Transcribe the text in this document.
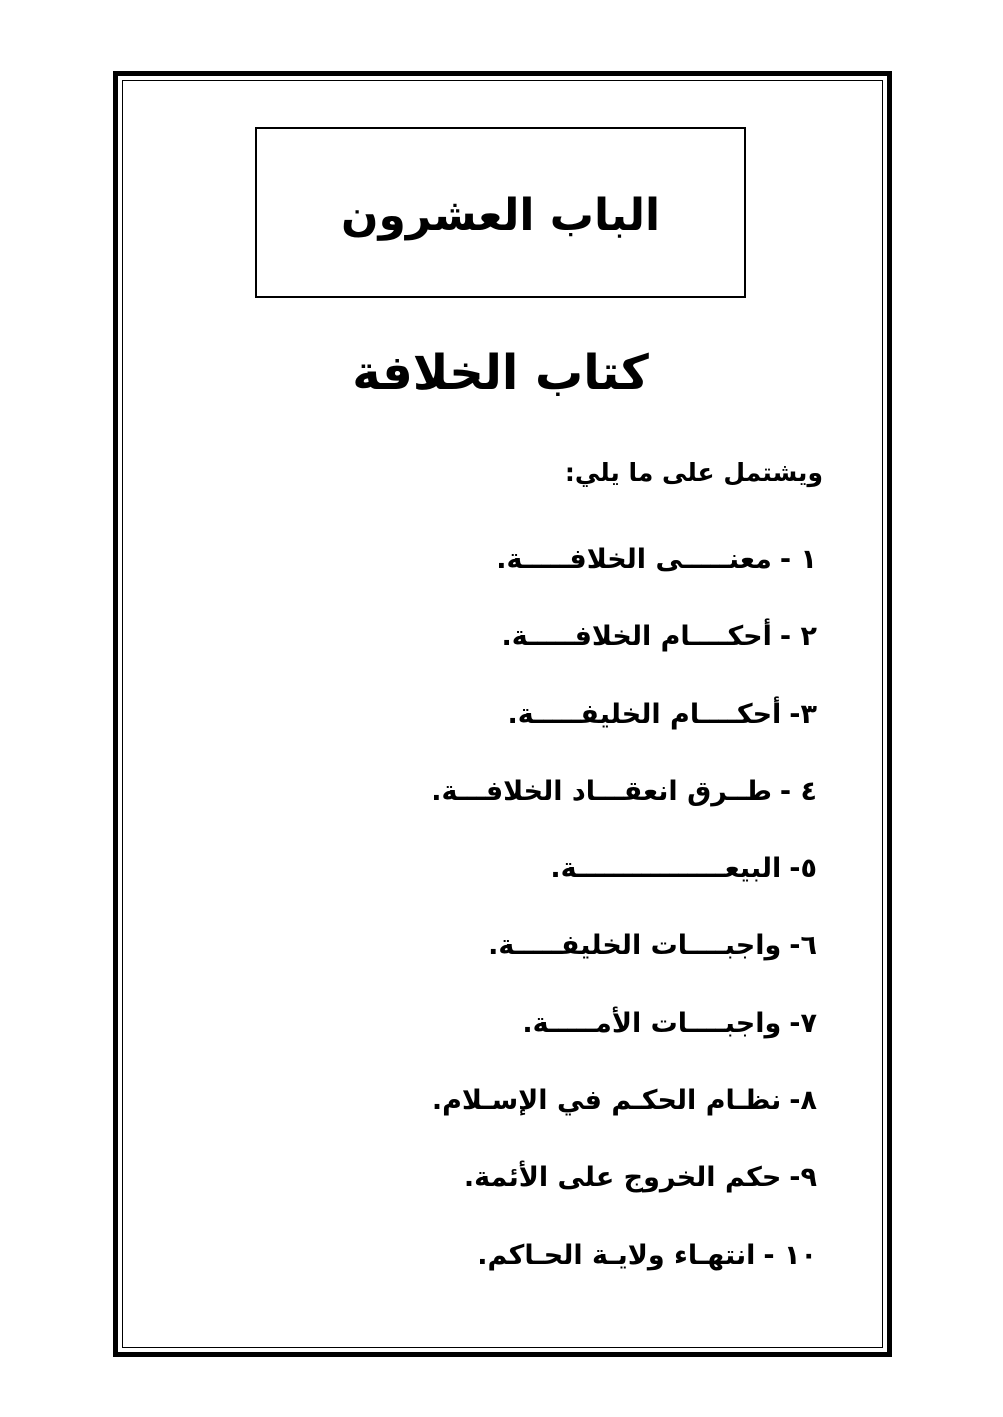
الباب العشرون
كتاب الخلافة
ويشتمل على ما يلي:
١ -
معنـــــى الخلافـــــة.
٢ -
أحكــــام الخلافـــــة.
٣-
أحكــــام الخليفـــــة.
٤ -
طــرق انعقـــاد الخلافـــة.
٥-
البيعــــــــــــــــة.
٦-
واجبــــات الخليفـــــة.
٧-
واجبــــات الأمـــــة.
٨-
نظـام الحكـم في الإسـلام.
٩-
حكم الخروج على الأئمة.
١٠ -
انتهـاء ولايـة الحـاكم.
